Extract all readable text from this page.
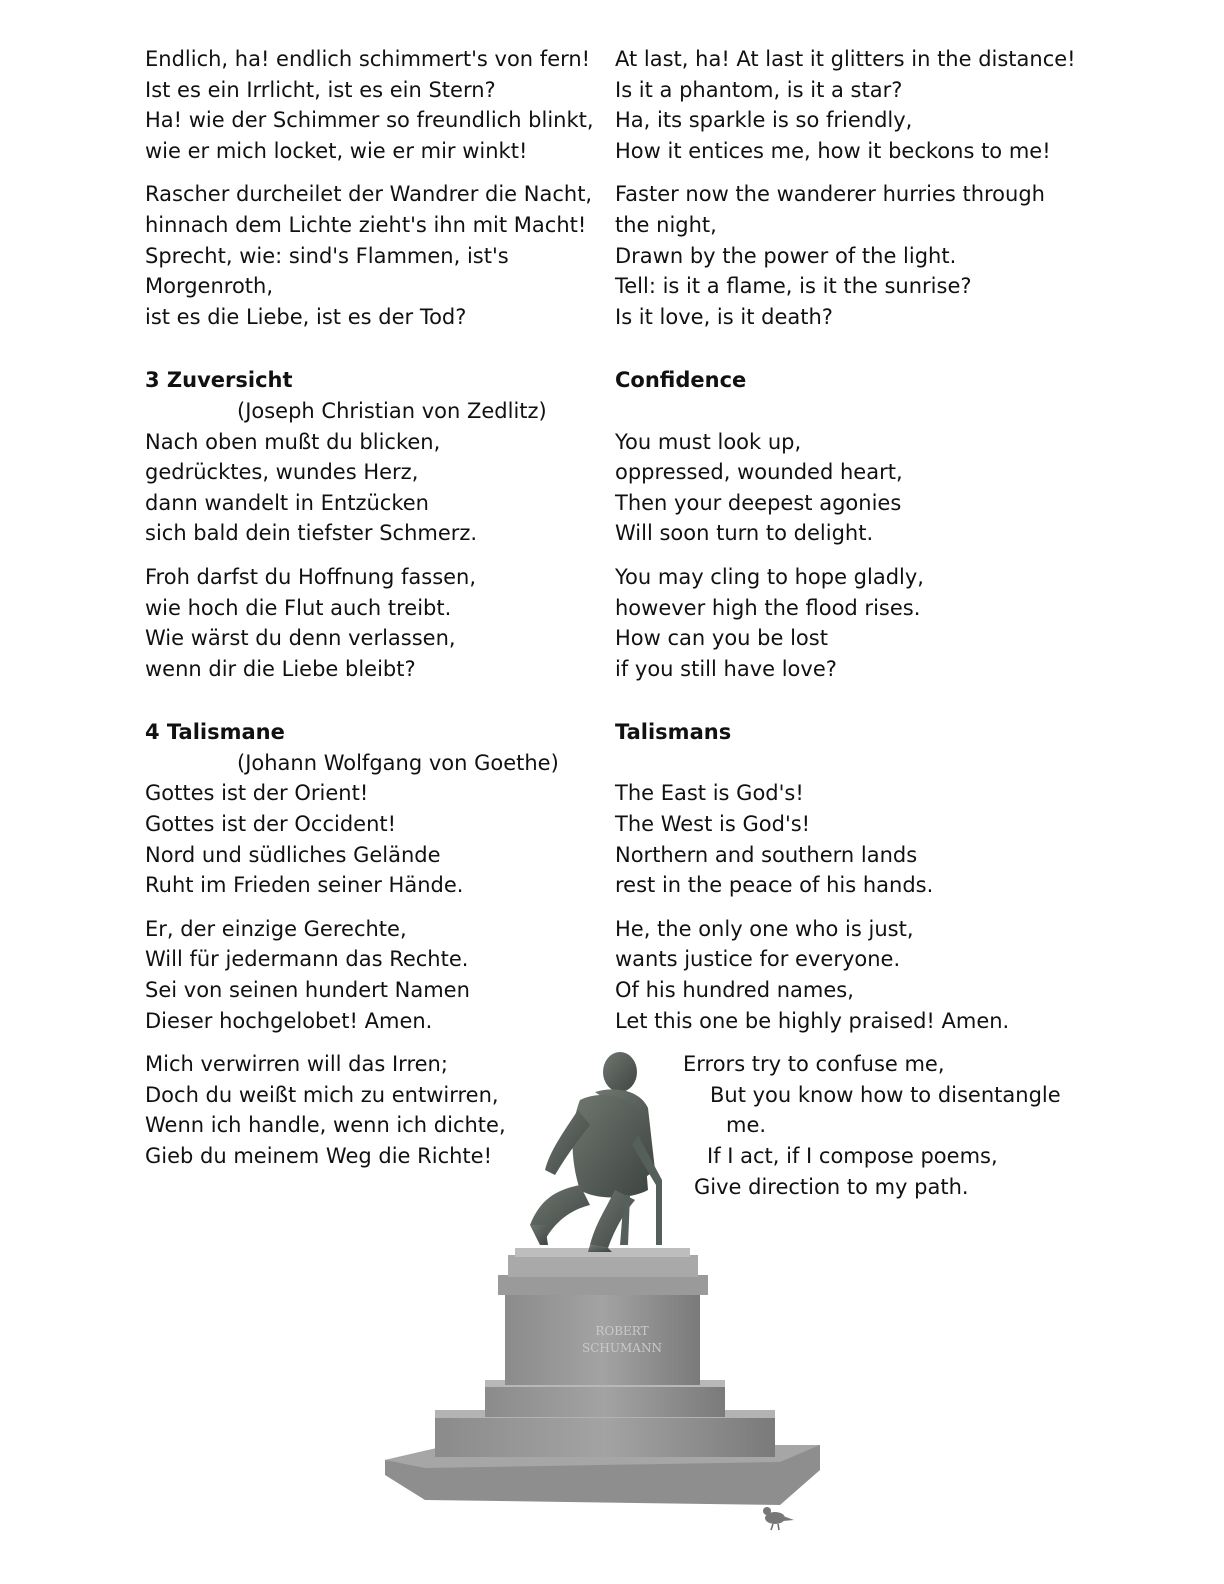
Endlich, ha! endlich schimmert's von fern!
Ist es ein Irrlicht, ist es ein Stern?
Ha! wie der Schimmer so freundlich blinkt,
wie er mich locket, wie er mir winkt!
Rascher durcheilet der Wandrer die Nacht,
hinnach dem Lichte zieht's ihn mit Macht!
Sprecht, wie: sind's Flammen, ist's
Morgenroth,
ist es die Liebe, ist es der Tod?
3 Zuversicht
(Joseph Christian von Zedlitz)
Nach oben mußt du blicken,
gedrücktes, wundes Herz,
dann wandelt in Entzücken
sich bald dein tiefster Schmerz.
Froh darfst du Hoffnung fassen,
wie hoch die Flut auch treibt.
Wie wärst du denn verlassen,
wenn dir die Liebe bleibt?
4 Talismane
(Johann Wolfgang von Goethe)
Gottes ist der Orient!
Gottes ist der Occident!
Nord und südliches Gelände
Ruht im Frieden seiner Hände.
Er, der einzige Gerechte,
Will für jedermann das Rechte.
Sei von seinen hundert Namen
Dieser hochgelobet! Amen.
Mich verwirren will das Irren;
Doch du weißt mich zu entwirren,
Wenn ich handle, wenn ich dichte,
Gieb du meinem Weg die Richte!
At last, ha! At last it glitters in the distance!
Is it a phantom, is it a star?
Ha, its sparkle is so friendly,
How it entices me, how it beckons to me!
Faster now the wanderer hurries through
the night,
Drawn by the power of the light.
Tell: is it a flame, is it the sunrise?
Is it love, is it death?
Confidence
You must look up,
oppressed, wounded heart,
Then your deepest agonies
Will soon turn to delight.
You may cling to hope gladly,
however high the flood rises.
How can you be lost
if you still have love?
Talismans
The East is God's!
The West is God's!
Northern and southern lands
rest in the peace of his hands.
He, the only one who is just,
wants justice for everyone.
Of his hundred names,
Let this one be highly praised! Amen.
Errors try to confuse me,
But you know how to disentangle
me.
If I act, if I compose poems,
Give direction to my path.
ROBERT
SCHUMANN
